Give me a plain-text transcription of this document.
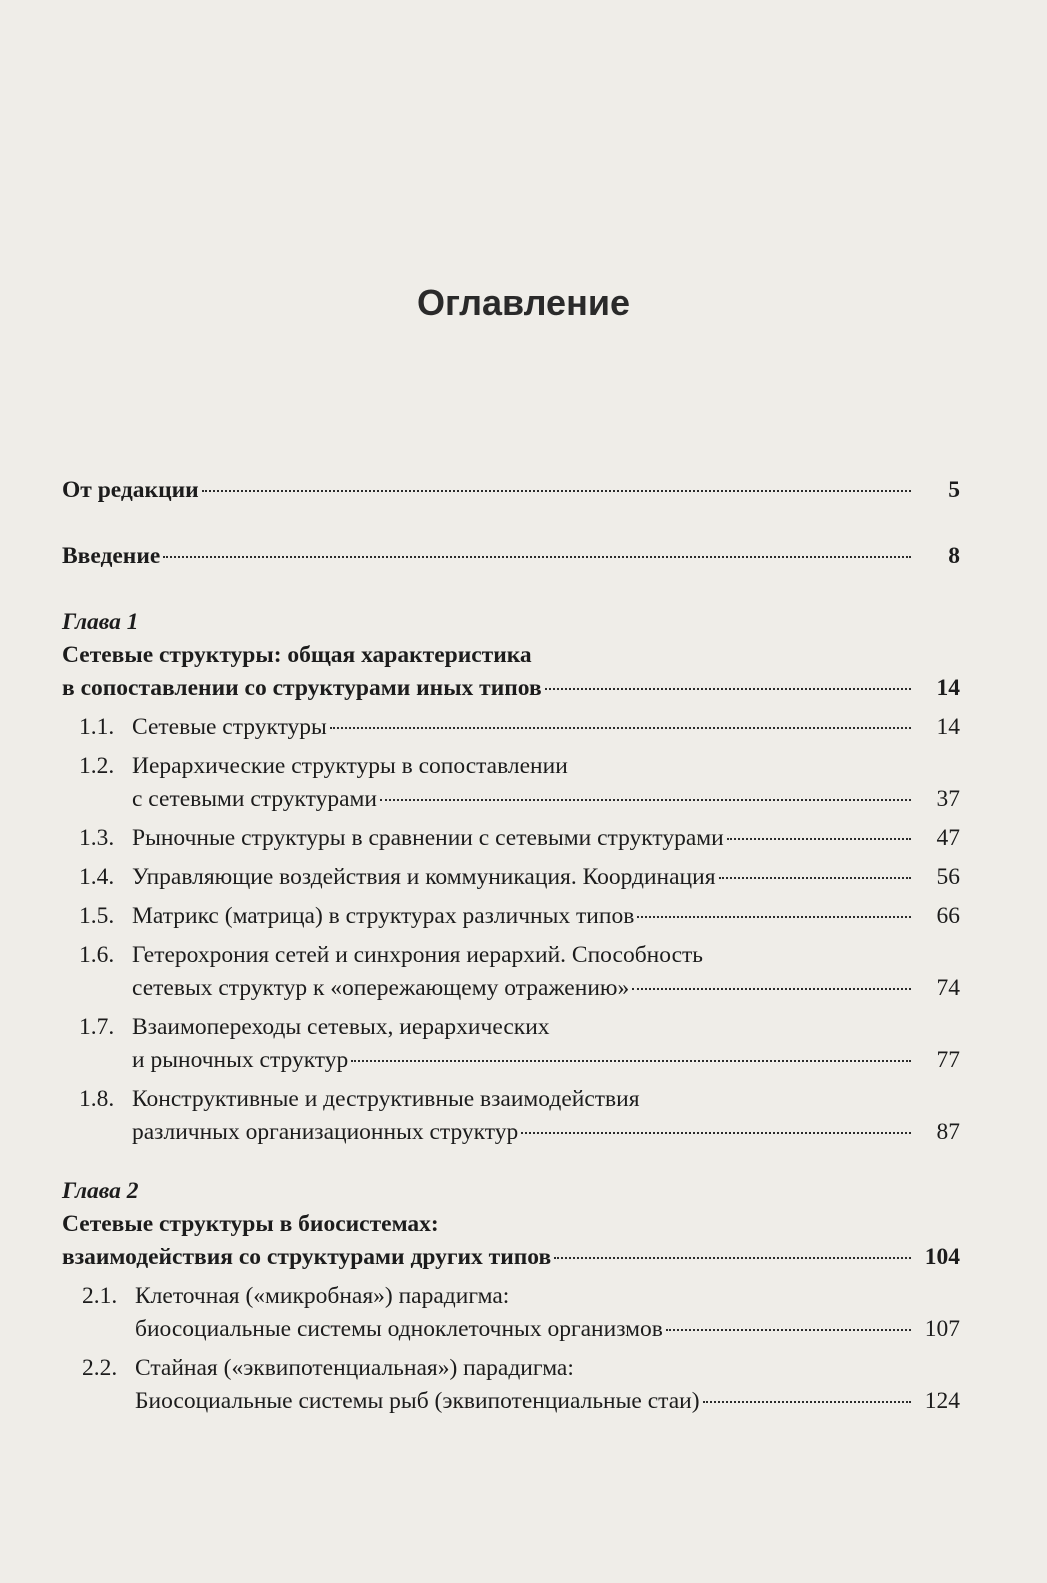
Оглавление
От редакции	5
Введение	8
Глава 1
Сетевые структуры: общая характеристика
в сопоставлении со структурами иных типов	14
1.1. Сетевые структуры	14
1.2. Иерархические структуры в сопоставлении
с сетевыми структурами	37
1.3. Рыночные структуры в сравнении с сетевыми структурами	47
1.4. Управляющие воздействия и коммуникация. Координация	56
1.5. Матрикс (матрица) в структурах различных типов	66
1.6. Гетерохрония сетей и синхрония иерархий. Способность
сетевых структур к «опережающему отражению»	74
1.7. Взаимопереходы сетевых, иерархических
и рыночных структур	77
1.8. Конструктивные и деструктивные взаимодействия
различных организационных структур	87
Глава 2
Сетевые структуры в биосистемах:
взаимодействия со структурами других типов	104
2.1. Клеточная («микробная») парадигма:
биосоциальные системы одноклеточных организмов	107
2.2. Стайная («эквипотенциальная») парадигма:
Биосоциальные системы рыб (эквипотенциальные стаи)	124
